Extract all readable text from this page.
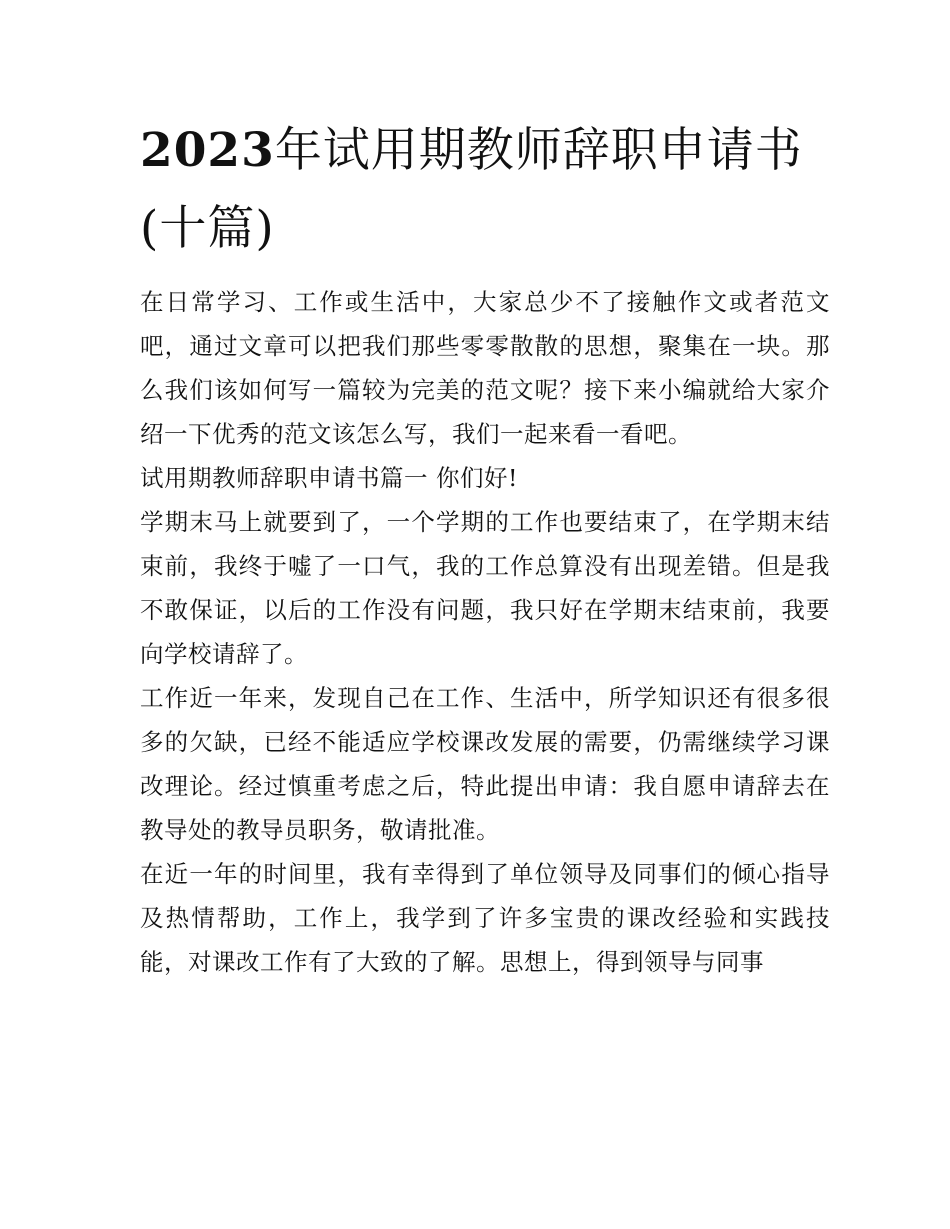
2023年试用期教师辞职申请书(十篇)

在日常学习、工作或生活中，大家总少不了接触作文或者范文吧，通过文章可以把我们那些零零散散的思想，聚集在一块。那么我们该如何写一篇较为完美的范文呢？接下来小编就给大家介绍一下优秀的范文该怎么写，我们一起来看一看吧。

试用期教师辞职申请书篇一 你们好!

学期末马上就要到了，一个学期的工作也要结束了，在学期末结束前，我终于嘘了一口气，我的工作总算没有出现差错。但是我不敢保证，以后的工作没有问题，我只好在学期末结束前，我要向学校请辞了。

工作近一年来，发现自己在工作、生活中，所学知识还有很多很多的欠缺，已经不能适应学校课改发展的需要，仍需继续学习课改理论。经过慎重考虑之后，特此提出申请：我自愿申请辞去在教导处的教导员职务，敬请批准。

在近一年的时间里，我有幸得到了单位领导及同事们的倾心指导及热情帮助，工作上，我学到了许多宝贵的课改经验和实践技能，对课改工作有了大致的了解。思想上，得到领导与同事
